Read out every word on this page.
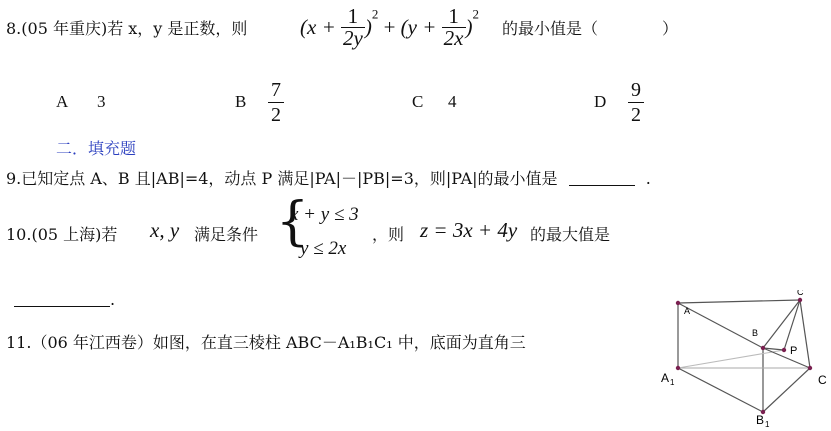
8.(05 年重庆)若 x，y 是正数，则	$(x + \frac{1}{2y} )^2 + (y + \frac{1}{2x} )^2$
的最小值是（	）
A 3	B $\frac{7}{2}$	C 4	D $\frac{9}{2}$
二．填充题
9.已知定点 A、B 且|AB|=4，动点 P 满足|PA|－|PB|=3，则|PA|的最小值是	.
10.(05 上海)若 x, y 满足条件 {
x + y ≤ 3
y ≤ 2x
，则 z = 3x + 4y 的最大值是
.
11.（06 年江西卷）如图，在直三棱柱 ABC－A₁B₁C₁ 中，底面为直角三
A
C
B
P
A 1
B 1
C
